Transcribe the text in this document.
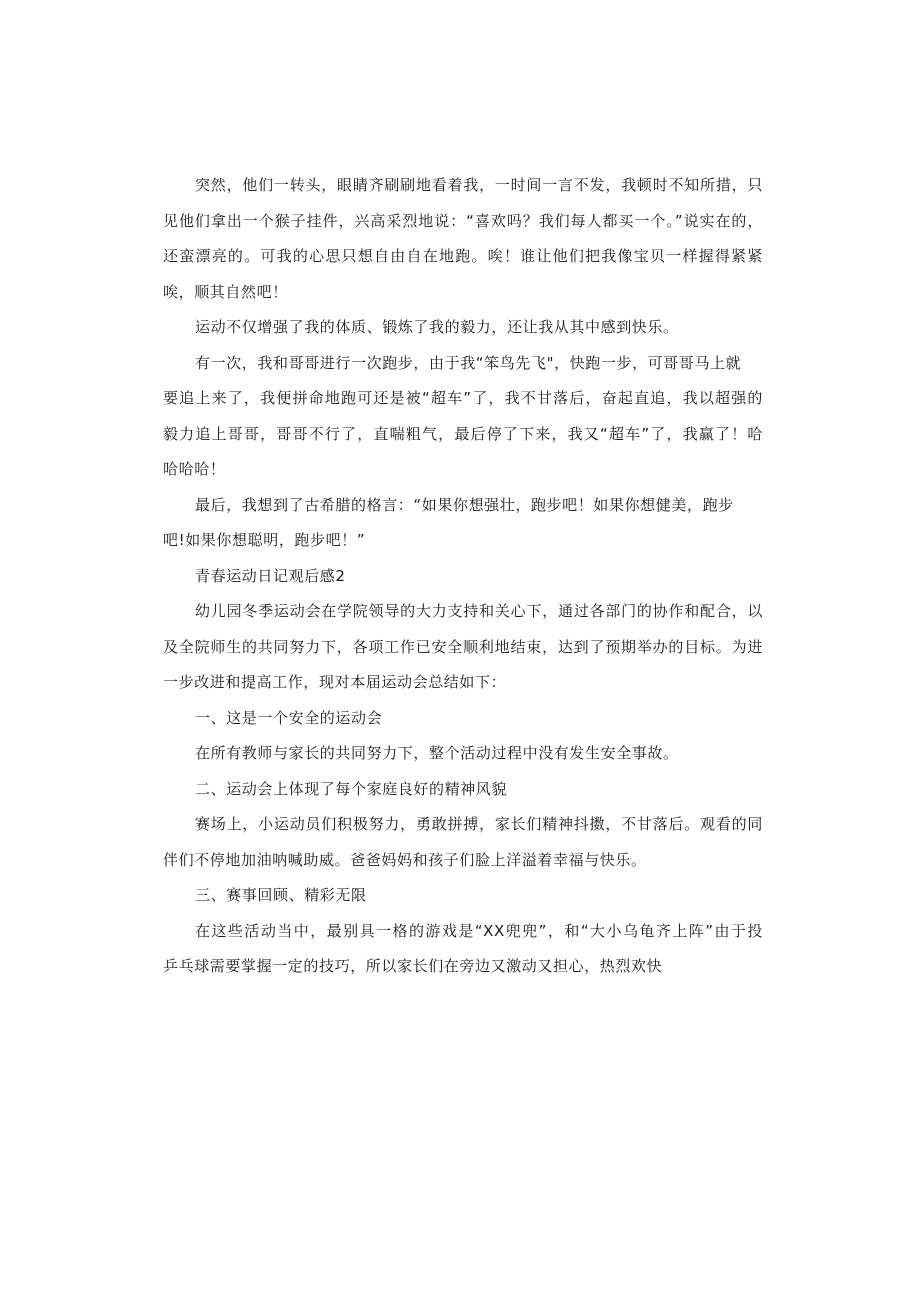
突然，他们一转头，眼睛齐刷刷地看着我，一时间一言不发，我顿时不知所措，只
见他们拿出一个猴子挂件，兴高采烈地说：“喜欢吗？我们每人都买一个。”说实在的，
还蛮漂亮的。可我的心思只想自由自在地跑。唉！谁让他们把我像宝贝一样握得紧紧
唉，顺其自然吧！
运动不仅增强了我的体质、锻炼了我的毅力，还让我从其中感到快乐。
有一次，我和哥哥进行一次跑步，由于我“笨鸟先飞"，快跑一步，可哥哥马上就
要追上来了，我便拼命地跑可还是被“超车”了，我不甘落后，奋起直追，我以超强的
毅力追上哥哥，哥哥不行了，直喘粗气，最后停了下来，我又“超车”了，我赢了！哈
哈哈哈！
最后，我想到了古希腊的格言：“如果你想强壮，跑步吧！如果你想健美，跑步
吧!如果你想聪明，跑步吧！”
青春运动日记观后感2
幼儿园冬季运动会在学院领导的大力支持和关心下，通过各部门的协作和配合，以
及全院师生的共同努力下，各项工作已安全顺利地结束，达到了预期举办的目标。为进
一步改进和提高工作，现对本届运动会总结如下：
一、这是一个安全的运动会
在所有教师与家长的共同努力下，整个活动过程中没有发生安全事故。
二、运动会上体现了每个家庭良好的精神风貌
赛场上，小运动员们积极努力，勇敢拼搏，家长们精神抖擞，不甘落后。观看的同
伴们不停地加油呐喊助威。爸爸妈妈和孩子们脸上洋溢着幸福与快乐。
三、赛事回顾、精彩无限
在这些活动当中，最别具一格的游戏是“XX兜兜”，和“大小乌龟齐上阵”由于投
乒乓球需要掌握一定的技巧，所以家长们在旁边又激动又担心，热烈欢快
